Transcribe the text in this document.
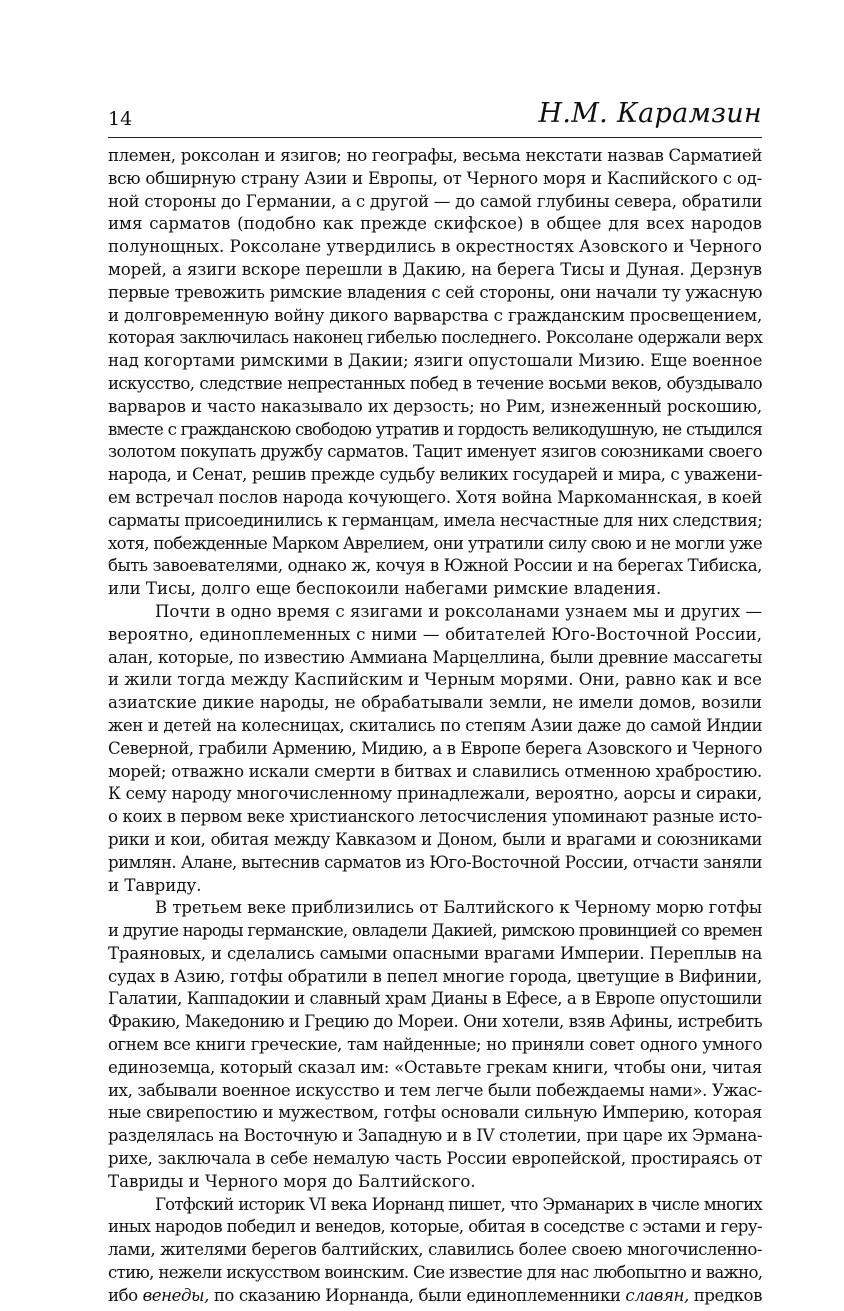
14	Н.М. Карамзин
племен, роксолан и язигов; но географы, весьма некстати назвав Сарматией
всю обширную страну Азии и Европы, от Черного моря и Каспийского с од-
ной стороны до Германии, а с другой — до самой глубины севера, обратили
имя сарматов (подобно как прежде скифское) в общее для всех народов
полунощных. Роксолане утвердились в окрестностях Азовского и Черного
морей, а язиги вскоре перешли в Дакию, на берега Тисы и Дуная. Дерзнув
первые тревожить римские владения с сей стороны, они начали ту ужасную
и долговременную войну дикого варварства с гражданским просвещением,
которая заключилась наконец гибелью последнего. Роксолане одержали верх
над когортами римскими в Дакии; язиги опустошали Мизию. Еще военное
искусство, следствие непрестанных побед в течение восьми веков, обуздывало
варваров и часто наказывало их дерзость; но Рим, изнеженный роскошию,
вместе с гражданскою свободою утратив и гордость великодушную, не стыдился
золотом покупать дружбу сарматов. Тацит именует язигов союзниками своего
народа, и Сенат, решив прежде судьбу великих государей и мира, с уважени-
ем встречал послов народа кочующего. Хотя война Маркоманнская, в коей
сарматы присоединились к германцам, имела несчастные для них следствия;
хотя, побежденные Марком Аврелием, они утратили силу свою и не могли уже
быть завоевателями, однако ж, кочуя в Южной России и на берегах Тибиска,
или Тисы, долго еще беспокоили набегами римские владения.
Почти в одно время с язигами и роксоланами узнаем мы и других —
вероятно, единоплеменных с ними — обитателей Юго-Восточной России,
алан, которые, по известию Аммиана Марцеллина, были древние массагеты
и жили тогда между Каспийским и Черным морями. Они, равно как и все
азиатские дикие народы, не обрабатывали земли, не имели домов, возили
жен и детей на колесницах, скитались по степям Азии даже до самой Индии
Северной, грабили Армению, Мидию, а в Европе берега Азовского и Черного
морей; отважно искали смерти в битвах и славились отменною храбростию.
К сему народу многочисленному принадлежали, вероятно, аорсы и сираки,
о коих в первом веке христианского летосчисления упоминают разные исто-
рики и кои, обитая между Кавказом и Доном, были и врагами и союзниками
римлян. Алане, вытеснив сарматов из Юго-Восточной России, отчасти заняли
и Тавриду.
В третьем веке приблизились от Балтийского к Черному морю готфы
и другие народы германские, овладели Дакией, римскою провинцией со времен
Траяновых, и сделались самыми опасными врагами Империи. Переплыв на
судах в Азию, готфы обратили в пепел многие города, цветущие в Вифинии,
Галатии, Каппадокии и славный храм Дианы в Ефесе, а в Европе опустошили
Фракию, Македонию и Грецию до Мореи. Они хотели, взяв Афины, истребить
огнем все книги греческие, там найденные; но приняли совет одного умного
единоземца, который сказал им: «Оставьте грекам книги, чтобы они, читая
их, забывали военное искусство и тем легче были побеждаемы нами». Ужас-
ные свирепостию и мужеством, готфы основали сильную Империю, которая
разделялась на Восточную и Западную и в IV столетии, при царе их Эрмана-
рихе, заключала в себе немалую часть России европейской, простираясь от
Тавриды и Черного моря до Балтийского.
Готфский историк VI века Иорнанд пишет, что Эрманарих в числе многих
иных народов победил и венедов, которые, обитая в соседстве с эстами и геру-
лами, жителями берегов балтийских, славились более своею многочисленно-
стию, нежели искусством воинским. Сие известие для нас любопытно и важно,
ибо венеды, по сказанию Иорнанда, были единоплеменники славян, предков
